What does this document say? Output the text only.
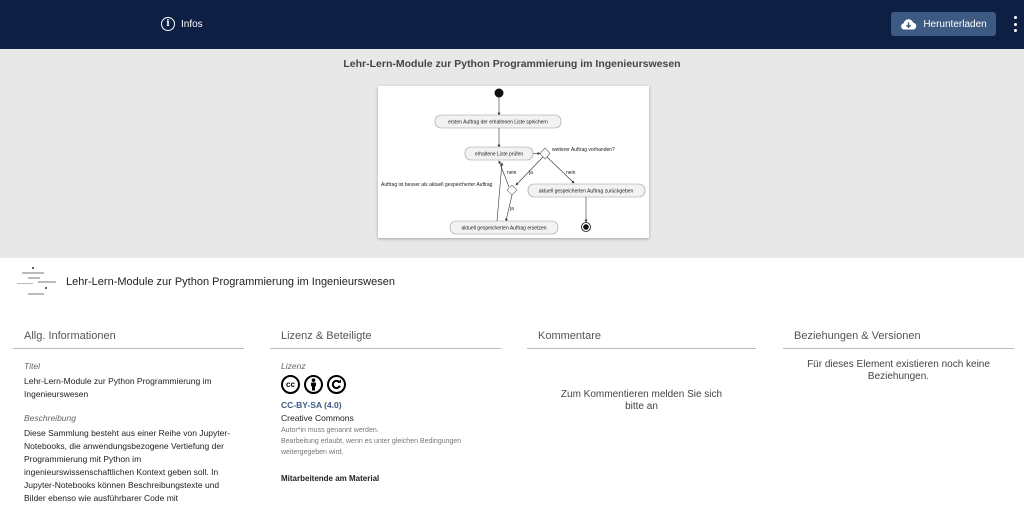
i	Infos	Herunterladen
Lehr-Lern-Module zur Python Programmierung im Ingenieurswesen
ersten Auftrag der erhaltenen Liste speichern
erhaltene Liste prüfen
weiterer Auftrag vorhanden?
nein
ja
Auftrag ist besser als aktuell gespeicherter Auftrag
nein
ja
aktuell gespeicherten Auftrag ersetzen
aktuell gespeicherten Auftrag zurückgeben
Lehr-Lern-Module zur Python Programmierung im Ingenieurswesen
Allg. Informationen
Titel
Lehr-Lern-Module zur Python Programmierung im Ingenieurswesen
Beschreibung
Diese Sammlung besteht aus einer Reihe von Jupyter-Notebooks, die anwendungsbezogene Vertiefung der Programmierung mit Python im ingenieurswissenschaftlichen Kontext geben soll. In Jupyter-Notebooks können Beschreibungstexte und Bilder ebenso wie ausführbarer Code mit
Lizenz & Beteiligte
Lizenz
cc
CC-BY-SA (4.0)
Creative Commons
Autor*in muss genannt werden.
Bearbeitung erlaubt, wenn es unter gleichen Bedingungen weitergegeben wird.
Mitarbeitende am Material
Kommentare
Zum Kommentieren melden Sie sich bitte an
Beziehungen & Versionen
Für dieses Element existieren noch keine Beziehungen.
